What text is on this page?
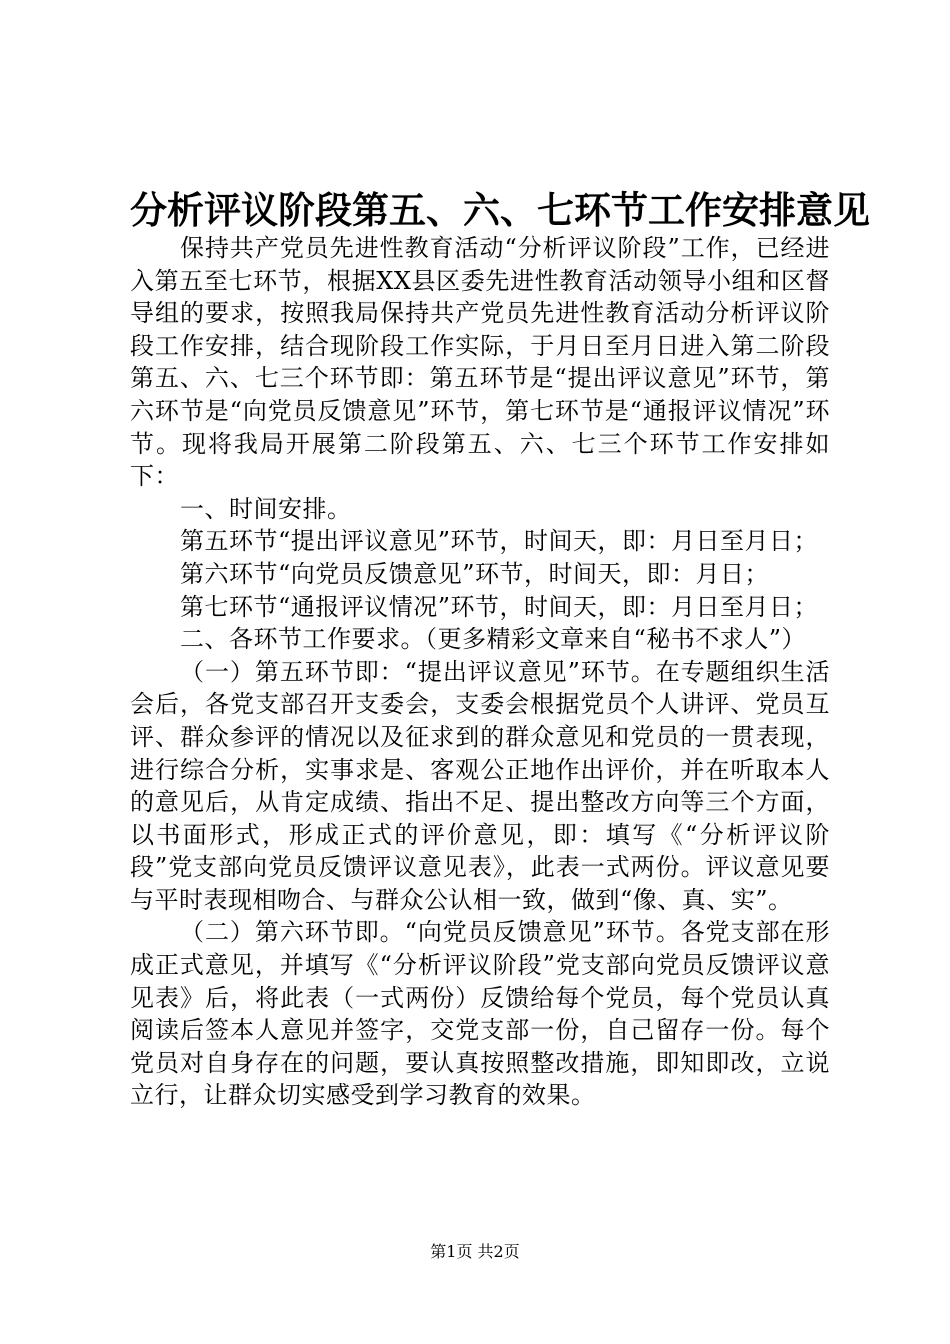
分析评议阶段第五、六、七环节工作安排意见

保持共产党员先进性教育活动“分析评议阶段”工作，已经进入第五至七环节，根据XX县区委先进性教育活动领导小组和区督导组的要求，按照我局保持共产党员先进性教育活动分析评议阶段工作安排，结合现阶段工作实际，于月日至月日进入第二阶段第五、六、七三个环节即：第五环节是“提出评议意见”环节，第六环节是“向党员反馈意见”环节，第七环节是“通报评议情况”环节。现将我局开展第二阶段第五、六、七三个环节工作安排如下：

一、时间安排。

第五环节“提出评议意见”环节，时间天，即：月日至月日；

第六环节“向党员反馈意见”环节，时间天，即：月日；

第七环节“通报评议情况”环节，时间天，即：月日至月日；

二、各环节工作要求。（更多精彩文章来自“秘书不求人”）

（一）第五环节即：“提出评议意见”环节。在专题组织生活会后，各党支部召开支委会，支委会根据党员个人讲评、党员互评、群众参评的情况以及征求到的群众意见和党员的一贯表现，进行综合分析，实事求是、客观公正地作出评价，并在听取本人的意见后，从肯定成绩、指出不足、提出整改方向等三个方面，以书面形式，形成正式的评价意见，即：填写《“分析评议阶段”党支部向党员反馈评议意见表》，此表一式两份。评议意见要与平时表现相吻合、与群众公认相一致，做到“像、真、实”。

（二）第六环节即。“向党员反馈意见”环节。各党支部在形成正式意见，并填写《“分析评议阶段”党支部向党员反馈评议意见表》后，将此表（一式两份）反馈给每个党员，每个党员认真阅读后签本人意见并签字，交党支部一份，自己留存一份。每个党员对自身存在的问题，要认真按照整改措施，即知即改，立说立行，让群众切实感受到学习教育的效果。

第1页 共2页
